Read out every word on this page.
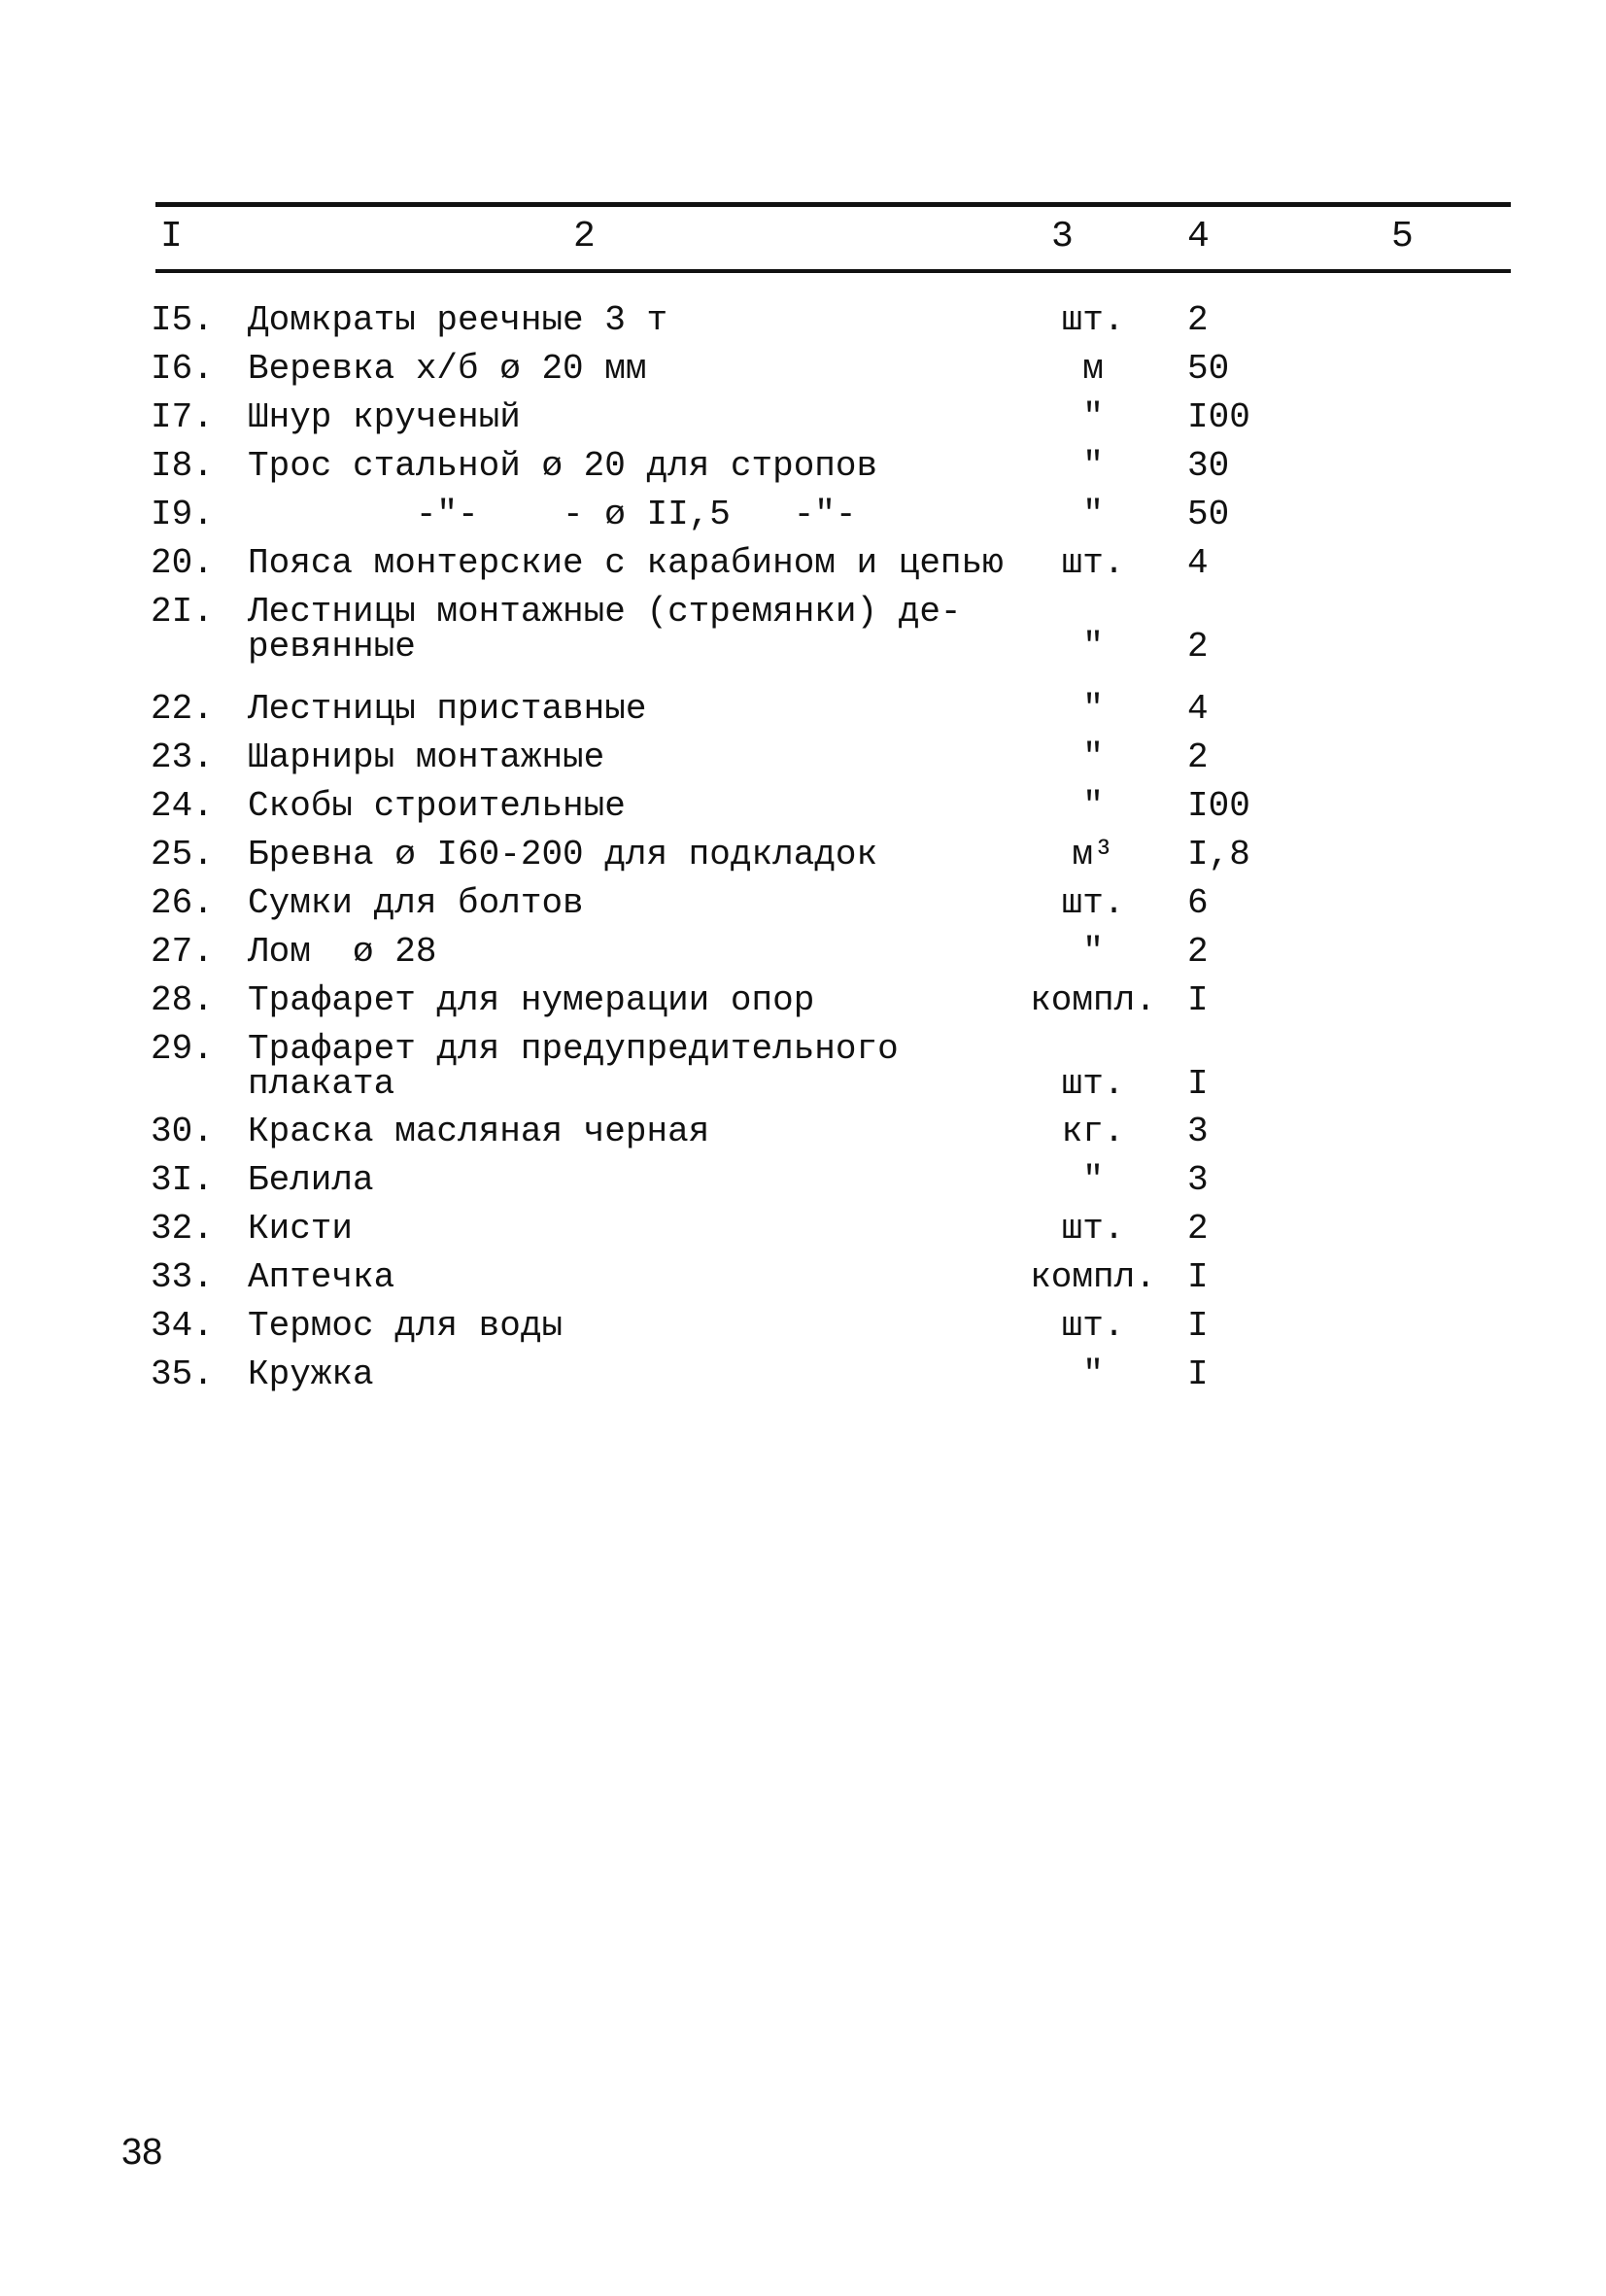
I	2	3	4	5
I5. Домкраты реечные 3 т	шт.	2
I6. Веревка х/б ø 20 мм	м	50
I7. Шнур крученый	"	I00
I8. Трос стальной ø 20 для стропов	"	30
I9. -"-    - ø II,5   -"-	"	50
20. Пояса монтерские с карабином и цепью	шт.	4
2I. Лестницы монтажные (стремянки) де-
ревянные	"	2
22. Лестницы приставные	"	4
23. Шарниры монтажные	"	2
24. Скобы строительные	"	I00
25. Бревна ø I60-200 для подкладок	м³	I,8
26. Сумки для болтов	шт.	6
27. Лом  ø 28	"	2
28. Трафарет для нумерации опор	компл. I
29. Трафарет для предупредительного
плаката	шт.	I
30. Краска масляная черная	кг.	3
3I. Белила	"	3
32. Кисти	шт.	2
33. Аптечка	компл. I
34. Термос для воды	шт.	I
35. Кружка	"	I
38
